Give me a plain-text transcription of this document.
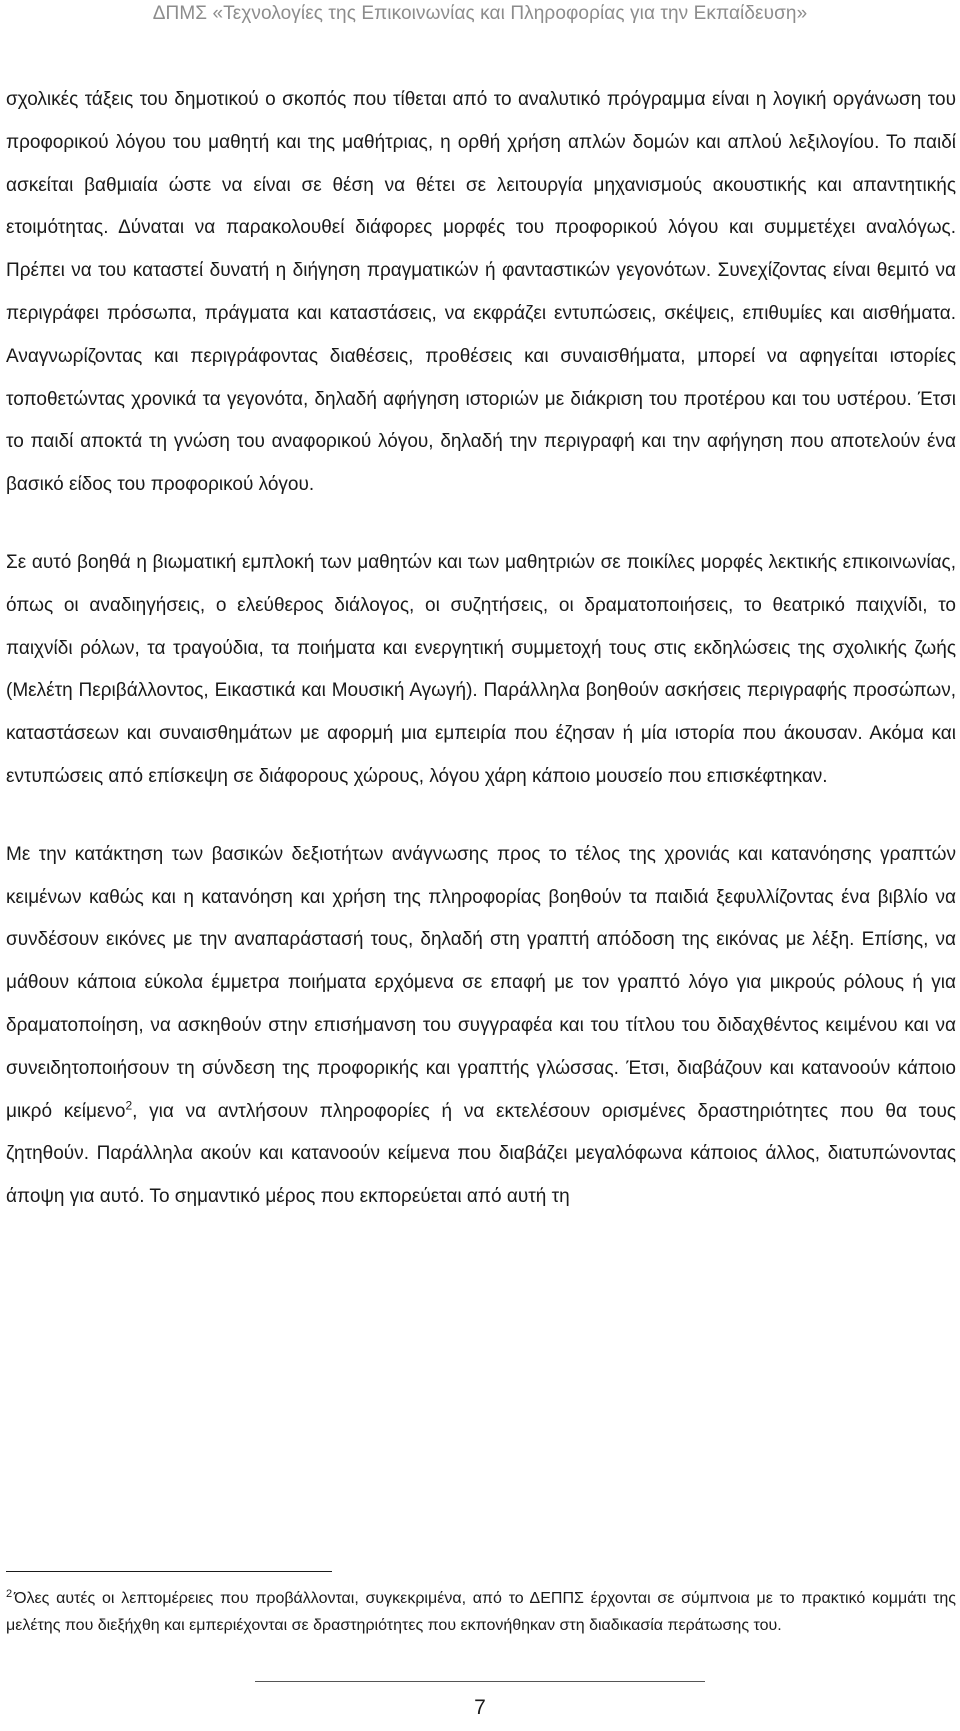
ΔΠΜΣ «Τεχνολογίες της Επικοινωνίας και Πληροφορίας για την Εκπαίδευση»

σχολικές τάξεις του δημοτικού ο σκοπός που τίθεται από το αναλυτικό πρόγραμμα είναι η λογική οργάνωση του προφορικού λόγου του μαθητή και της μαθήτριας, η ορθή χρήση απλών δομών και απλού λεξιλογίου. Το παιδί ασκείται βαθμιαία ώστε να είναι σε θέση να θέτει σε λειτουργία μηχανισμούς ακουστικής και απαντητικής ετοιμότητας. Δύναται να παρακολουθεί διάφορες μορφές του προφορικού λόγου και συμμετέχει αναλόγως. Πρέπει να του καταστεί δυνατή η διήγηση πραγματικών ή φανταστικών γεγονότων. Συνεχίζοντας είναι θεμιτό να περιγράφει πρόσωπα, πράγματα και καταστάσεις, να εκφράζει εντυπώσεις, σκέψεις, επιθυμίες και αισθήματα. Αναγνωρίζοντας και περιγράφοντας διαθέσεις, προθέσεις και συναισθήματα, μπορεί να αφηγείται ιστορίες τοποθετώντας χρονικά τα γεγονότα, δηλαδή αφήγηση ιστοριών με διάκριση του προτέρου και του υστέρου. Έτσι το παιδί αποκτά τη γνώση του αναφορικού λόγου, δηλαδή την περιγραφή και την αφήγηση που αποτελούν ένα βασικό είδος του προφορικού λόγου.

Σε αυτό βοηθά η βιωματική εμπλοκή των μαθητών και των μαθητριών σε ποικίλες μορφές λεκτικής επικοινωνίας, όπως οι αναδιηγήσεις, ο ελεύθερος διάλογος, οι συζητήσεις, οι δραματοποιήσεις, το θεατρικό παιχνίδι, το παιχνίδι ρόλων, τα τραγούδια, τα ποιήματα και ενεργητική συμμετοχή τους στις εκδηλώσεις της σχολικής ζωής (Μελέτη Περιβάλλοντος, Εικαστικά και Μουσική Αγωγή). Παράλληλα βοηθούν ασκήσεις περιγραφής προσώπων, καταστάσεων και συναισθημάτων με αφορμή μια εμπειρία που έζησαν ή μία ιστορία που άκουσαν. Ακόμα και εντυπώσεις από επίσκεψη σε διάφορους χώρους, λόγου χάρη κάποιο μουσείο που επισκέφτηκαν.

Με την κατάκτηση των βασικών δεξιοτήτων ανάγνωσης προς το τέλος της χρονιάς και κατανόησης γραπτών κειμένων καθώς και η κατανόηση και χρήση της πληροφορίας βοηθούν τα παιδιά ξεφυλλίζοντας ένα βιβλίο να συνδέσουν εικόνες με την αναπαράστασή τους, δηλαδή στη γραπτή απόδοση της εικόνας με λέξη. Επίσης, να μάθουν κάποια εύκολα έμμετρα ποιήματα ερχόμενα σε επαφή με τον γραπτό λόγο για μικρούς ρόλους ή για δραματοποίηση, να ασκηθούν στην επισήμανση του συγγραφέα και του τίτλου του διδαχθέντος κειμένου και να συνειδητοποιήσουν τη σύνδεση της προφορικής και γραπτής γλώσσας. Έτσι, διαβάζουν και κατανοούν κάποιο μικρό κείμενο$^2$, για να αντλήσουν πληροφορίες ή να εκτελέσουν ορισμένες δραστηριότητες που θα τους ζητηθούν. Παράλληλα ακούν και κατανοούν κείμενα που διαβάζει μεγαλόφωνα κάποιος άλλος, διατυπώνοντας άποψη για αυτό. Το σημαντικό μέρος που εκπορεύεται από αυτή τη

$^2$ Όλες αυτές οι λεπτομέρειες που προβάλλονται, συγκεκριμένα, από το ΔΕΠΠΣ έρχονται σε σύμπνοια με το πρακτικό κομμάτι της μελέτης που διεξήχθη και εμπεριέχονται σε δραστηριότητες που εκπονήθηκαν στη διαδικασία περάτωσης του.

7
